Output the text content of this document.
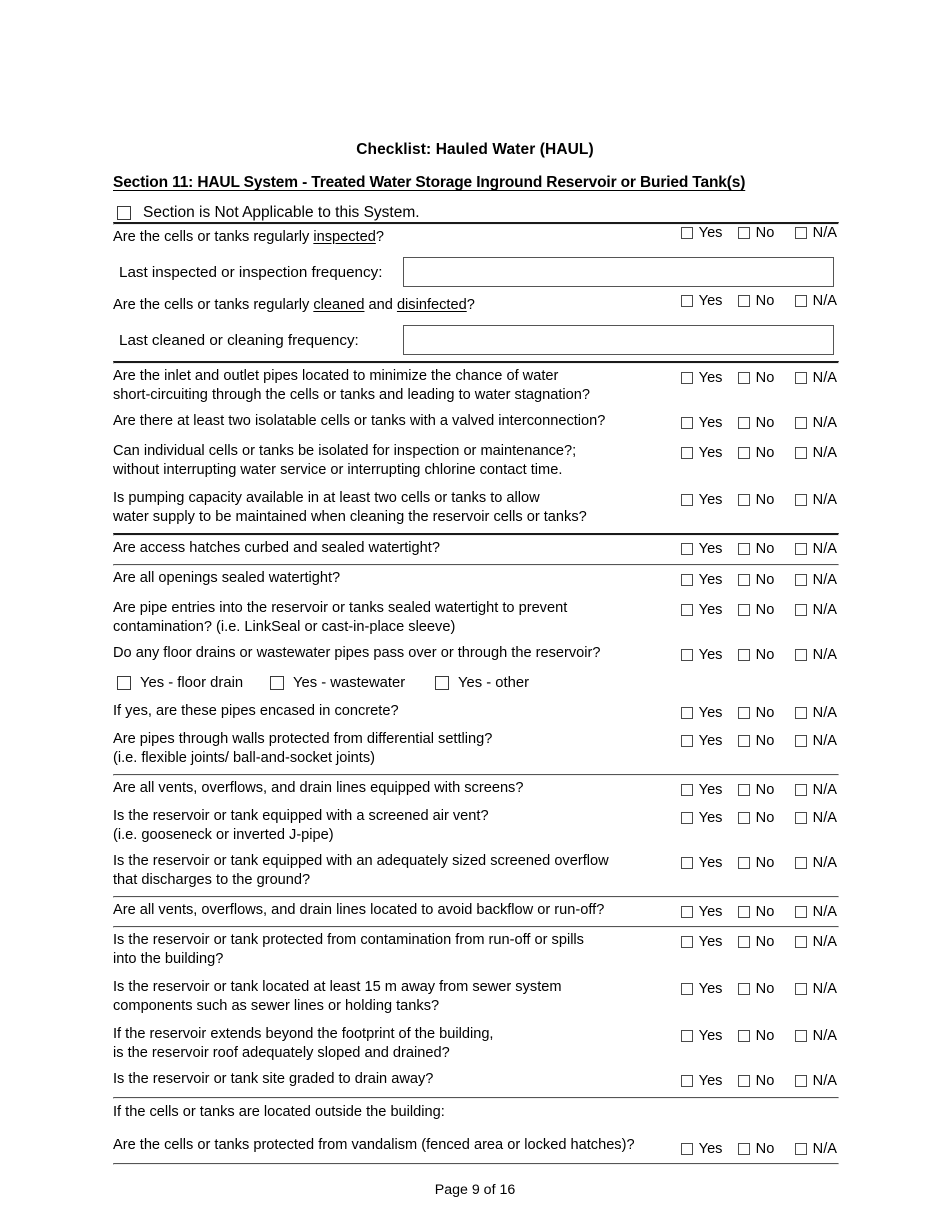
Checklist: Hauled Water (HAUL)
Section 11: HAUL System - Treated Water Storage Inground Reservoir or Buried Tank(s)
Section is Not Applicable to this System.
Are the cells or tanks regularly inspected?	Yes No	N/A
Last inspected or inspection frequency:
Are the cells or tanks regularly cleaned and disinfected?	Yes No	N/A
Last cleaned or cleaning frequency:
Are the inlet and outlet pipes located to minimize the chance of water
short-circuiting through the cells or tanks and leading to water stagnation?
Yes No	N/A
Are there at least two isolatable cells or tanks with a valved interconnection?	Yes No	N/A
Can individual cells or tanks be isolated for inspection or maintenance?;
without interrupting water service or interrupting chlorine contact time.
Yes No	N/A
Is pumping capacity available in at least two cells or tanks to allow
water supply to be maintained when cleaning the reservoir cells or tanks?
Yes No	N/A
Are access hatches curbed and sealed watertight?	Yes No	N/A
Are all openings sealed watertight?	Yes No	N/A
Are pipe entries into the reservoir or tanks sealed watertight to prevent
contamination? (i.e. LinkSeal or cast-in-place sleeve)
Yes No	N/A
Do any floor drains or wastewater pipes pass over or through the reservoir?	Yes No	N/A
Yes - floor drain	Yes - wastewater	Yes - other
If yes, are these pipes encased in concrete?	Yes No	N/A
Are pipes through walls protected from differential settling?
(i.e. flexible joints/ ball-and-socket joints)
Yes No	N/A
Are all vents, overflows, and drain lines equipped with screens?	Yes No	N/A
Is the reservoir or tank equipped with a screened air vent?
(i.e. gooseneck or inverted J-pipe)
Yes No	N/A
Is the reservoir or tank equipped with an adequately sized screened overflow
that discharges to the ground?
Yes No	N/A
Are all vents, overflows, and drain lines located to avoid backflow or run-off?	Yes No	N/A
Is the reservoir or tank protected from contamination from run-off or spills
into the building?
Yes No	N/A
Is the reservoir or tank located at least 15 m away from sewer system
components such as sewer lines or holding tanks?
Yes No	N/A
If the reservoir extends beyond the footprint of the building,
is the reservoir roof adequately sloped and drained?
Yes No	N/A
Is the reservoir or tank site graded to drain away?	Yes No	N/A
If the cells or tanks are located outside the building:
Are the cells or tanks protected from vandalism (fenced area or locked hatches)?	Yes No	N/A
Page 9 of 16
